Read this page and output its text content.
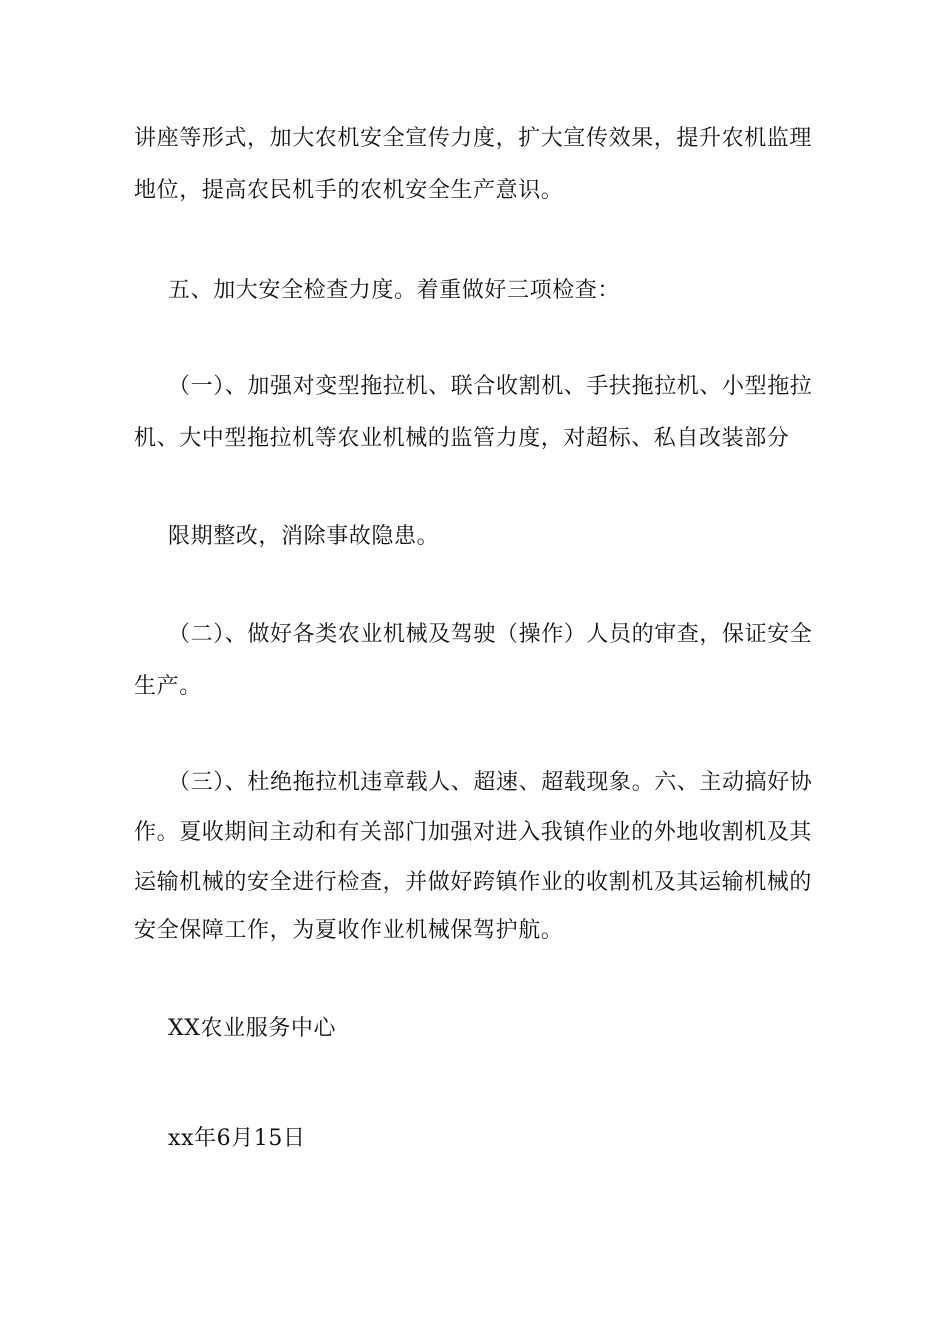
讲座等形式，加大农机安全宣传力度，扩大宣传效果，提升农机监理
地位，提高农民机手的农机安全生产意识。
五、加大安全检查力度。着重做好三项检查：
（一）、加强对变型拖拉机、联合收割机、手扶拖拉机、小型拖拉
机、大中型拖拉机等农业机械的监管力度，对超标、私自改装部分
限期整改，消除事故隐患。
（二）、做好各类农业机械及驾驶（操作）人员的审查，保证安全
生产。
（三）、杜绝拖拉机违章载人、超速、超载现象。六、主动搞好协
作。夏收期间主动和有关部门加强对进入我镇作业的外地收割机及其
运输机械的安全进行检查，并做好跨镇作业的收割机及其运输机械的
安全保障工作，为夏收作业机械保驾护航。
XX农业服务中心
xx年6月15日
